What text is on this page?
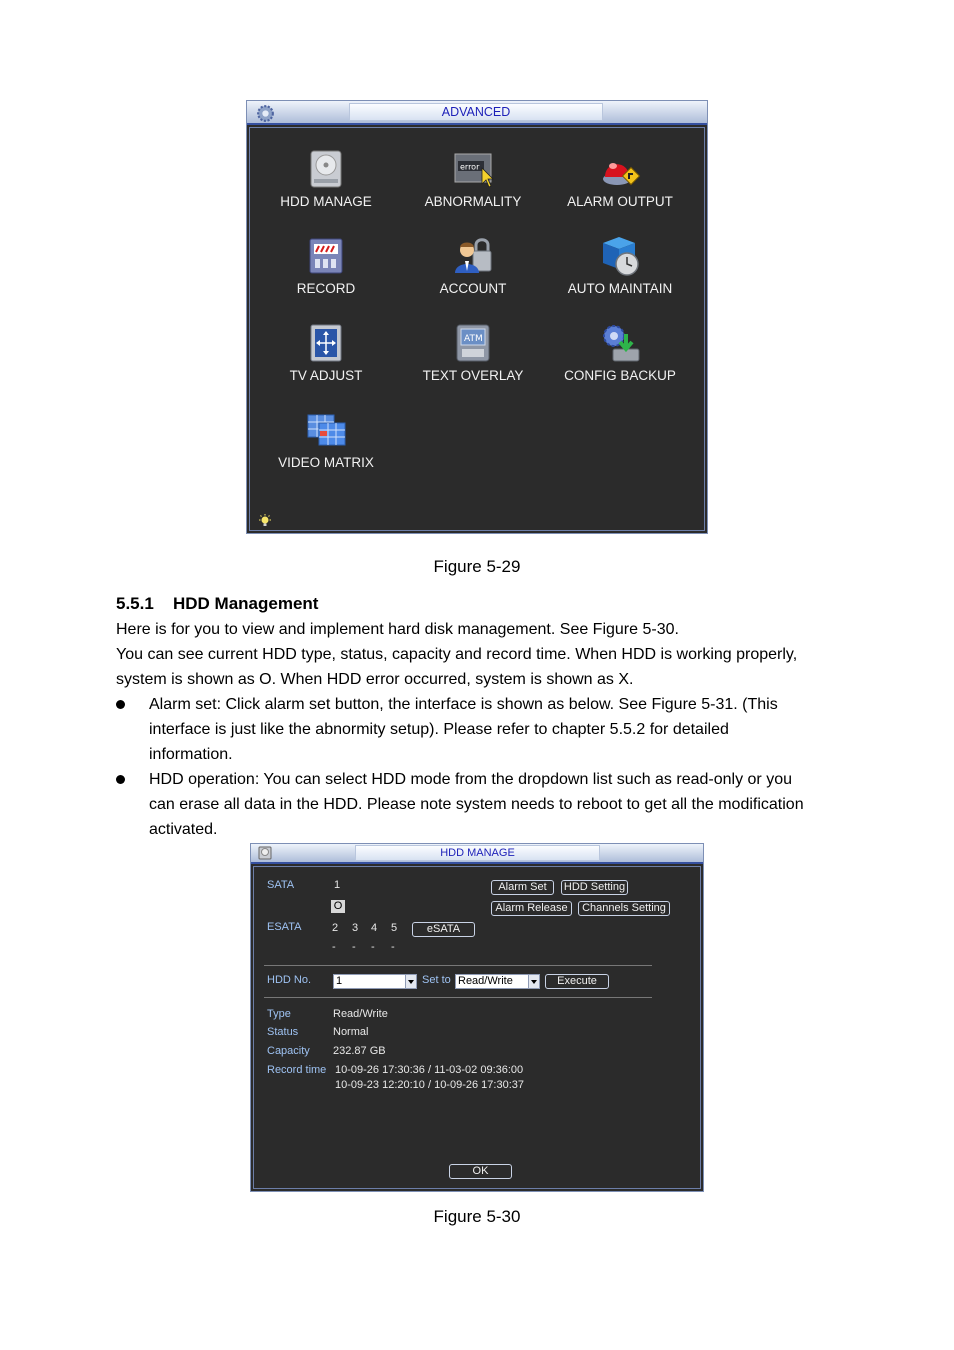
ADVANCED
HDD MANAGE
error
ABNORMALITY	ALARM OUTPUT
RECORD	ACCOUNT	AUTO MAINTAIN
TV ADJUST
ATM
TEXT OVERLAY	CONFIG BACKUP
VIDEO MATRIX
Figure 5-29
5.5.1 HDD Management
Here is for you to view and implement hard disk management. See Figure 5-30.
You can see current HDD type, status, capacity and record time. When HDD is working properly,
system is shown as O. When HDD error occurred, system is shown as X.
Alarm set: Click alarm set button, the interface is shown as below. See Figure 5-31. (This
interface is just like the abnormity setup). Please refer to chapter 5.5.2 for detailed
information.
HDD operation: You can select HDD mode from the dropdown list such as read-only or you
can erase all data in the HDD. Please note system needs to reboot to get all the modification
activated.
HDD MANAGE
SATA	1
O
ESATA	2 3 4 5
- - - -
Alarm Set	HDD Setting
Alarm Release	Channels Setting
eSATA
HDD No. 1	Set to Read/Write	Execute
Type	Read/Write
Status	Normal
Capacity 232.87 GB
Record time 10-09-26 17:30:36 / 11-03-02 09:36:00
10-09-23 12:20:10 / 10-09-26 17:30:37
OK
Figure 5-30
